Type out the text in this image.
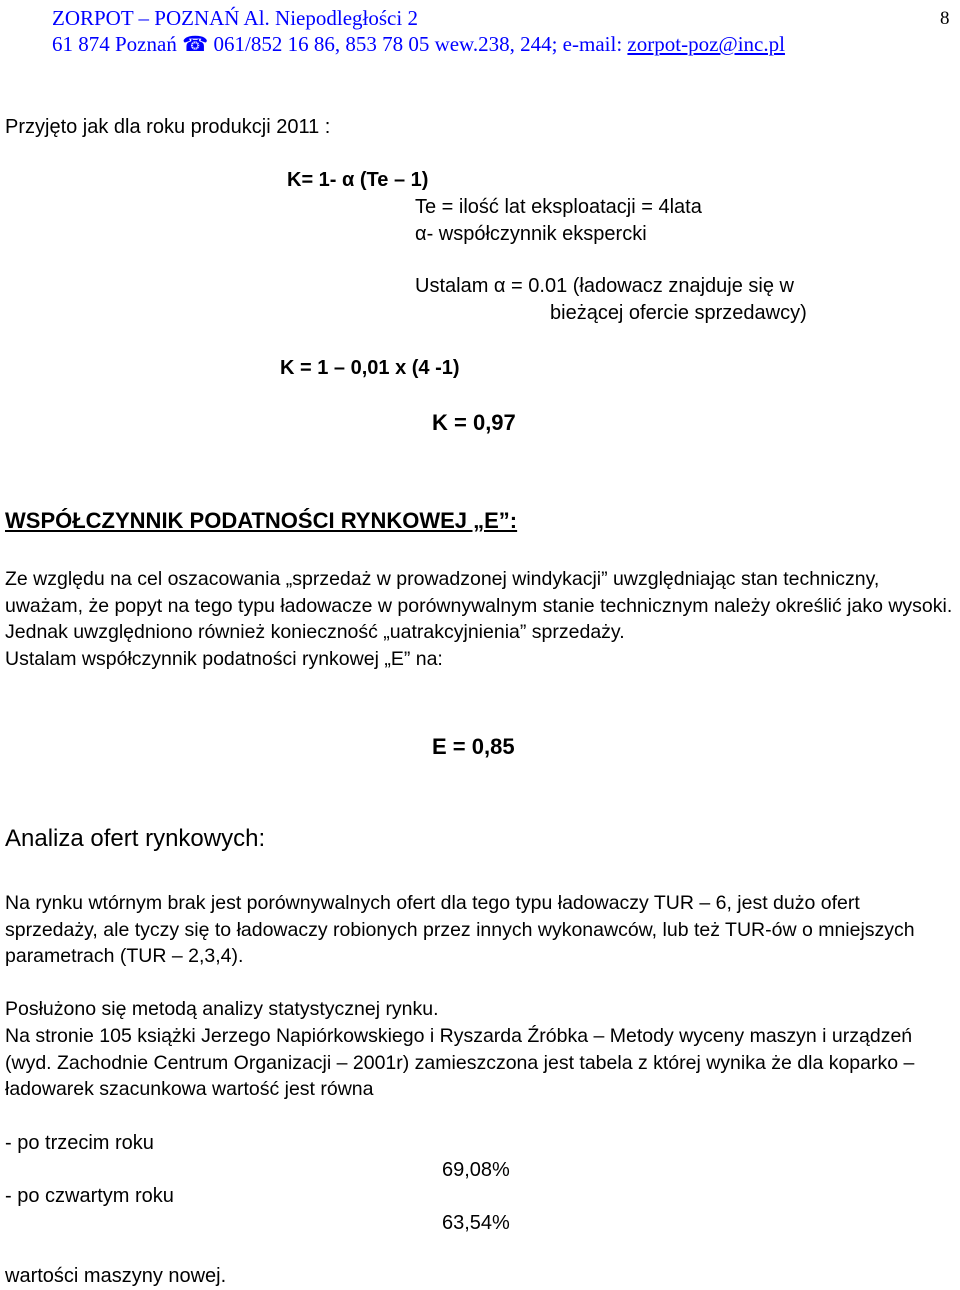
ZORPOT – POZNAŃ Al. Niepodległości 2
61 874 Poznań ☎ 061/852 16 86, 853 78 05 wew.238, 244; e-mail: zorpot-poz@inc.pl
8
Przyjęto jak dla roku produkcji 2011 :
K= 1- α (Te – 1)
Te = ilość lat eksploatacji = 4lata
α- współczynnik ekspercki
Ustalam α = 0.01 (ładowacz znajduje się w
bieżącej ofercie sprzedawcy)
K = 1 – 0,01 x (4 -1)
K = 0,97
WSPÓŁCZYNNIK PODATNOŚCI RYNKOWEJ „E”:

Ze względu na cel oszacowania „sprzedaż w prowadzonej windykacji” uwzględniając stan techniczny, uważam, że popyt na tego typu ładowacze w porównywalnym stanie technicznym należy określić jako wysoki. Jednak uwzględniono również konieczność „uatrakcyjnienia” sprzedaży.

Ustalam współczynnik podatności rynkowej „E” na:

E = 0,85
Analiza ofert rynkowych:
Na rynku wtórnym brak jest porównywalnych ofert dla tego typu ładowaczy TUR – 6, jest dużo ofert sprzedaży, ale tyczy się to ładowaczy robionych przez innych wykonawców, lub też TUR-ów o mniejszych parametrach (TUR – 2,3,4).
Posłużono się metodą analizy statystycznej rynku.
Na stronie 105 książki Jerzego Napiórkowskiego i Ryszarda Źróbka – Metody wyceny maszyn i urządzeń (wyd. Zachodnie Centrum Organizacji – 2001r) zamieszczona jest tabela z której wynika że dla koparko – ładowarek szacunkowa wartość jest równa
- po trzecim roku
69,08%
- po czwartym roku
63,54%
wartości maszyny nowej.
